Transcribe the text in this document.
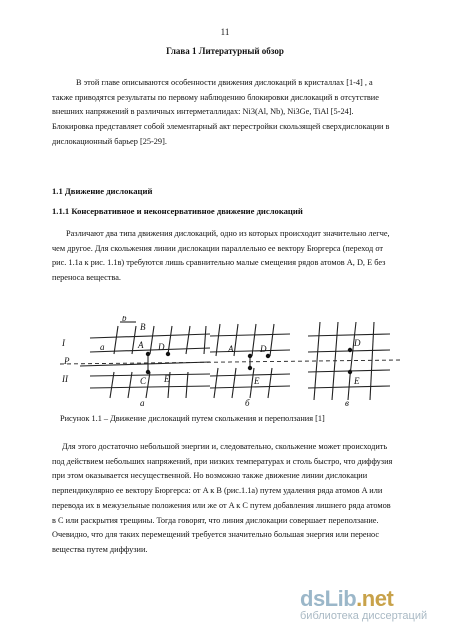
11
Глава 1 Литературный обзор
В этой главе описываются особенности движения дислокаций в кристаллах [1-4] , а
также приводятся результаты по первому наблюдению блокировки дислокаций в отсутствие
внешних напряжений в различных интерметаллидах: Ni3(Al, Nb), Ni3Ge, TiAl [5-24].
Блокировка представляет собой элементарный акт перестройки скользящей сверхдислокации в
дислокационный барьер [25-29].
1.1 Движение дислокаций
1.1.1 Консервативное и неконсервативное движение дислокаций
Различают два типа движения дислокаций, одно из которых происходит значительно легче,
чем другое. Для скольжения линии дислокации параллельно ее вектору Бюргерса (переход от
рис. 1.1а к рис. 1.1в) требуются лишь сравнительно малые смещения рядов атомов A, D, E без
переноса вещества.
b
B
A D
C E
a
I
II
P
A	D
E
D
E
а	б	в
Рисунок 1.1 – Движение дислокаций путем скольжения и переползания [1]
Для этого достаточно небольшой энергии и, следовательно, скольжение может происходить
под действием небольших напряжений, при низких температурах и столь быстро, что диффузия
при этом оказывается несущественной. Но возможно также движение линии дислокации
перпендикулярно ее вектору Бюргерса: от A к B (рис.1.1а) путем удаления ряда атомов A или
перевода их в межузельные положения или же от A к C путем добавления лишнего ряда атомов
в C или раскрытия трещины. Тогда говорят, что линия дислокации совершает переползание.
Очевидно, что для таких перемещений требуется значительно большая энергия или перенос
вещества путем диффузии.
dsLib.net
библиотека диссертаций
